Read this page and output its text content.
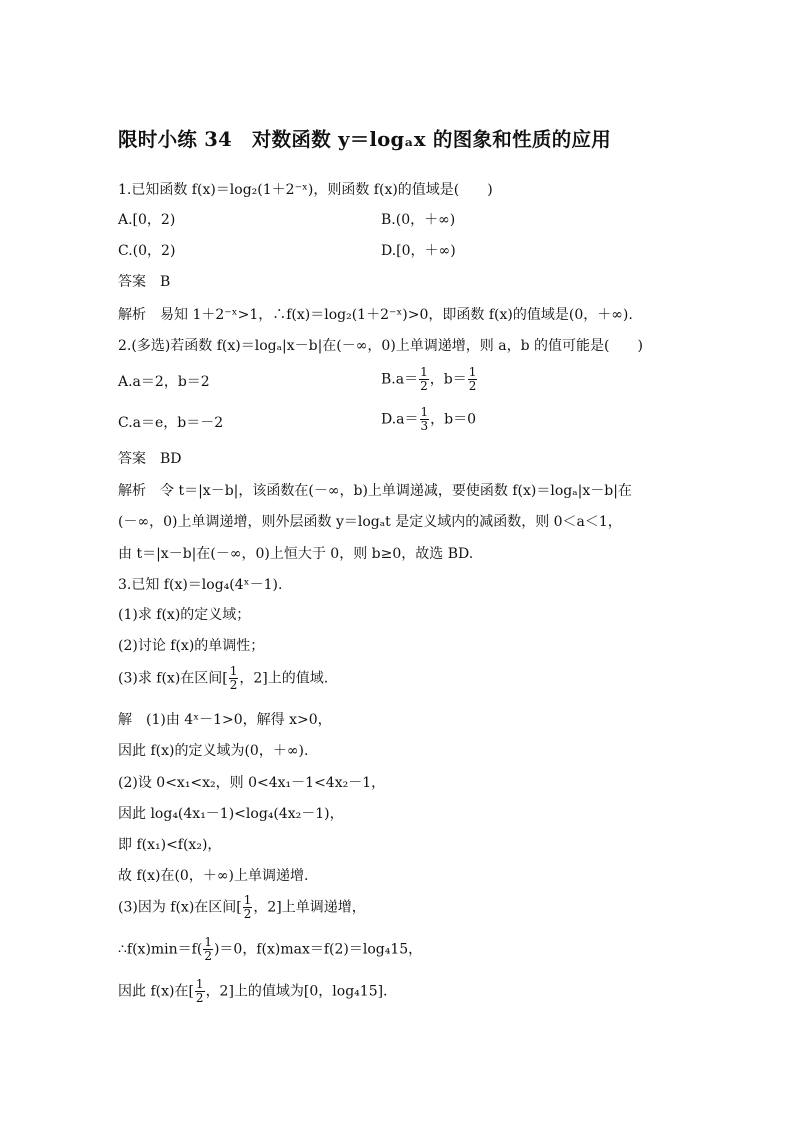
限时小练 34　对数函数 y＝logₐx 的图象和性质的应用
1.已知函数 f(x)＝log₂(1＋2⁻ˣ)，则函数 f(x)的值域是(　　)
A.[0，2)	B.(0，＋∞)
C.(0，2)	D.[0，＋∞)
答案　B
解析　易知 1＋2⁻ˣ>1，∴f(x)＝log₂(1＋2⁻ˣ)>0，即函数 f(x)的值域是(0，＋∞).
2.(多选)若函数 f(x)＝logₐ|x－b|在(－∞，0)上单调递增，则 a，b 的值可能是(　　)
A.a＝2，b＝2	$B.a= \frac{1}{2}$ ，$b= \frac{1}{2}$
C.a＝e，b＝－2	$D.a= \frac{1}{3}$ ，b＝0
答案　BD
解析　令 t＝|x－b|，该函数在(－∞，b)上单调递减，要使函数 f(x)＝logₐ|x－b|在
(－∞，0)上单调递增，则外层函数 y＝logₐt 是定义域内的减函数，则 0＜a＜1，
由 t＝|x－b|在(－∞，0)上恒大于 0，则 b≥0，故选 BD.
3.已知 f(x)＝log₄(4ˣ－1).
(1)求 f(x)的定义域；
(2)讨论 f(x)的单调性；
(3)求 f(x)在区间[ $\frac{1}{2}$ ，2]上的值域.
解　(1)由 4ˣ－1>0，解得 x>0，
因此 f(x)的定义域为(0，＋∞).
(2)设 0<x₁<x₂，则 0<4x₁－1<4x₂－1，
因此 log₄(4x₁－1)<log₄(4x₂－1)，
即 f(x₁)<f(x₂)，
故 f(x)在(0，＋∞)上单调递增.
(3)因为 f(x)在区间[ $\frac{1}{2}$ ，2]上单调递增，
∴f(x)min＝f( $\frac{1}{2} )=0$，f(x)max＝f(2)＝log₄15，
因此 f(x)在[ $\frac{1}{2}$ ，2]上的值域为[0，log₄15].
